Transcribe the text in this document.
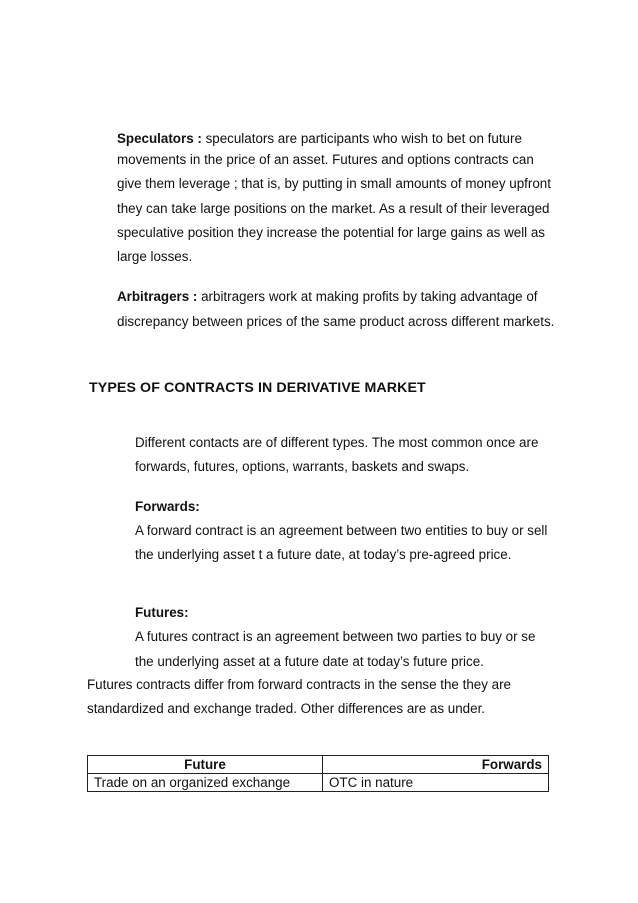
Speculators : speculators are participants who wish to bet on future
movements in the price of an asset. Futures and options contracts can
give them leverage ; that is, by putting in small amounts of money upfront
they can take large positions on the market. As a result of their leveraged
speculative position they increase the potential for large gains as well as
large losses.
Arbitragers : arbitragers work at making profits by taking advantage of
discrepancy between prices of the same product across different markets.
TYPES OF CONTRACTS IN DERIVATIVE MARKET
Different contacts are of different types. The most common once are
forwards, futures, options, warrants, baskets and swaps.
Forwards:
A forward contract is an agreement between two entities to buy or sell
the underlying asset t a future date, at today’s pre-agreed price.
Futures:
A futures contract is an agreement between two parties to buy or se
the underlying asset at a future date at today’s future price.
Futures contracts differ from forward contracts in the sense the they are
standardized and exchange traded. Other differences are as under.
Future	Forwards
Trade on an organized exchange	OTC in nature
